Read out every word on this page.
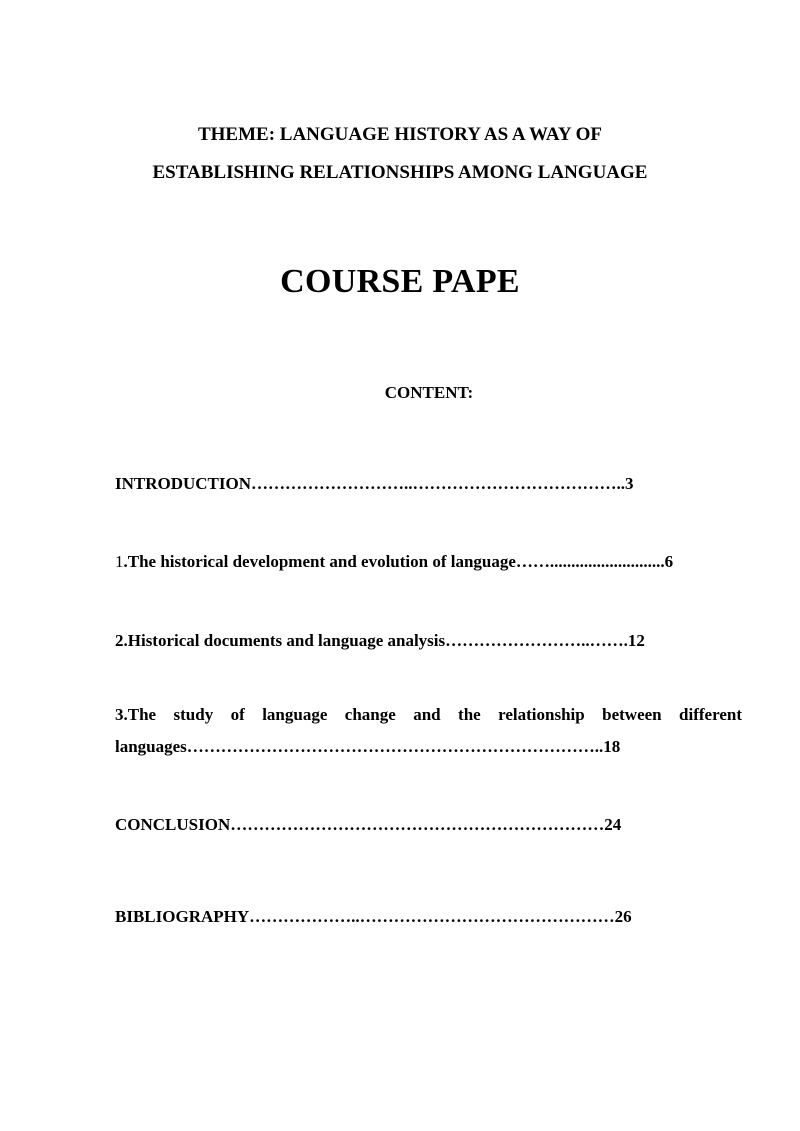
THEME: LANGUAGE HISTORY AS A WAY OF
ESTABLISHING RELATIONSHIPS AMONG LANGUAGE
COURSE PAPE
CONTENT:
INTRODUCTION………………………..………………………………..3
1.The historical development and evolution of language……...........................6
2.Historical documents and language analysis……………………..…….12
3.The study of language change and the relationship between different
languages………………………………………………………………..18
CONCLUSION…………………………………………………………24
BIBLIOGRAPHY………………..………………………………………26
